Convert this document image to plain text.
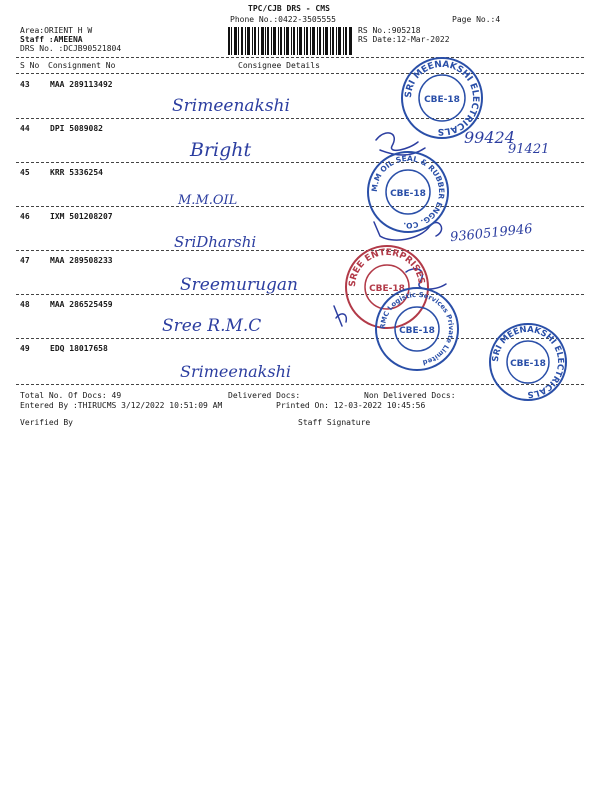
TPC/CJB DRS - CMS
Phone No.:0422-3505555	Page No.:4
Area:ORIENT H W
Staff :AMEENA
DRS No. :DCJB90521804
RS No.:905218
RS Date:12-Mar-2022
S No Consignment No	Consignee Details
43	MAA 289113492
Srimeenakshi
44	DPI 5089082
Bright
45	KRR 5336254
M.M.OIL
46	IXM 501208207
SriDharshi
47	MAA 289508233
Sreemurugan
48	MAA 286525459
Sree R.M.C
49	EDQ 18017658
Srimeenakshi
99424
91421
9360519946
SRI MEENAKSHI ELECTRICALS
CBE-18
M.M OIL SEAL & RUBBER ENGG. CO.
CBE-18
SREE ENTERPRISES
CBE-18
RMC Logistic Services Private Limited
CBE-18
SRI MEENAKSHI ELECTRICALS
CBE-18
Total No. Of Docs: 49	Delivered Docs:	Non Delivered Docs:
Entered By :THIRUCMS 3/12/2022 10:51:09 AM	Printed On: 12-03-2022 10:45:56
Verified By	Staff Signature
